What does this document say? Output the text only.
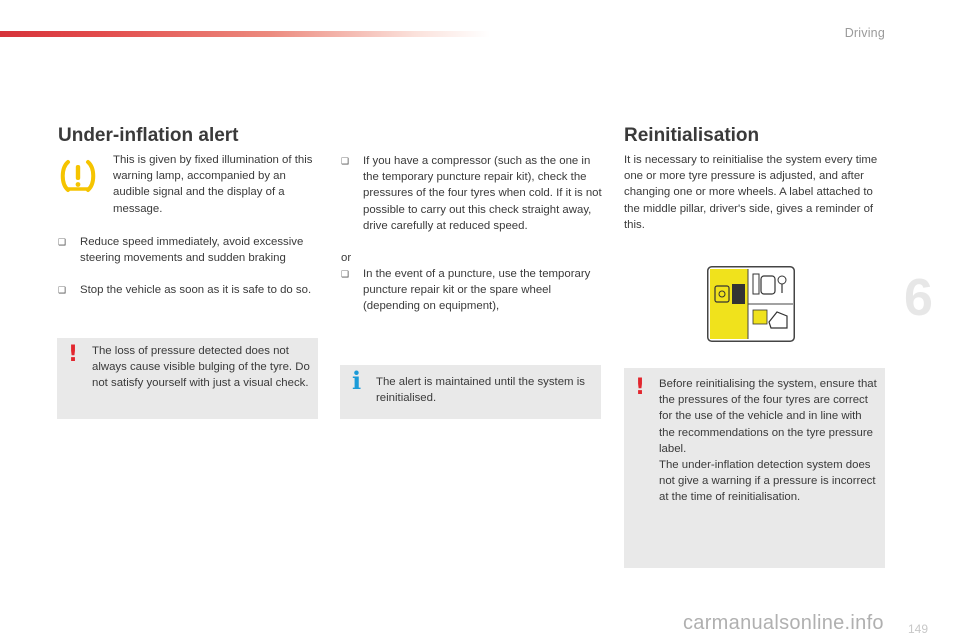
Driving
6
Under-inflation alert

This is given by fixed illumination of this warning lamp, accompanied by an audible signal and the display of a message.

❑	Reduce speed immediately, avoid excessive steering movements and sudden braking
❑	Stop the vehicle as soon as it is safe to do so.
! The loss of pressure detected does not always cause visible bulging of the tyre. Do not satisfy yourself with just a visual check.
❑	If you have a compressor (such as the one in the temporary puncture repair kit), check the pressures of the four tyres when cold. If it is not possible to carry out this check straight away, drive carefully at reduced speed.

or

❑	In the event of a puncture, use the temporary puncture repair kit or the spare wheel (depending on equipment),
i The alert is maintained until the system is reinitialised.
Reinitialisation

It is necessary to reinitialise the system every time one or more tyre pressure is adjusted, and after changing one or more wheels. A label attached to the middle pillar, driver's side, gives a reminder of this.

! Before reinitialising the system, ensure that the pressures of the four tyres are correct for the use of the vehicle and in line with the recommendations on the tyre pressure label.
The under-inflation detection system does not give a warning if a pressure is incorrect at the time of reinitialisation.
149
carmanualsonline.info
